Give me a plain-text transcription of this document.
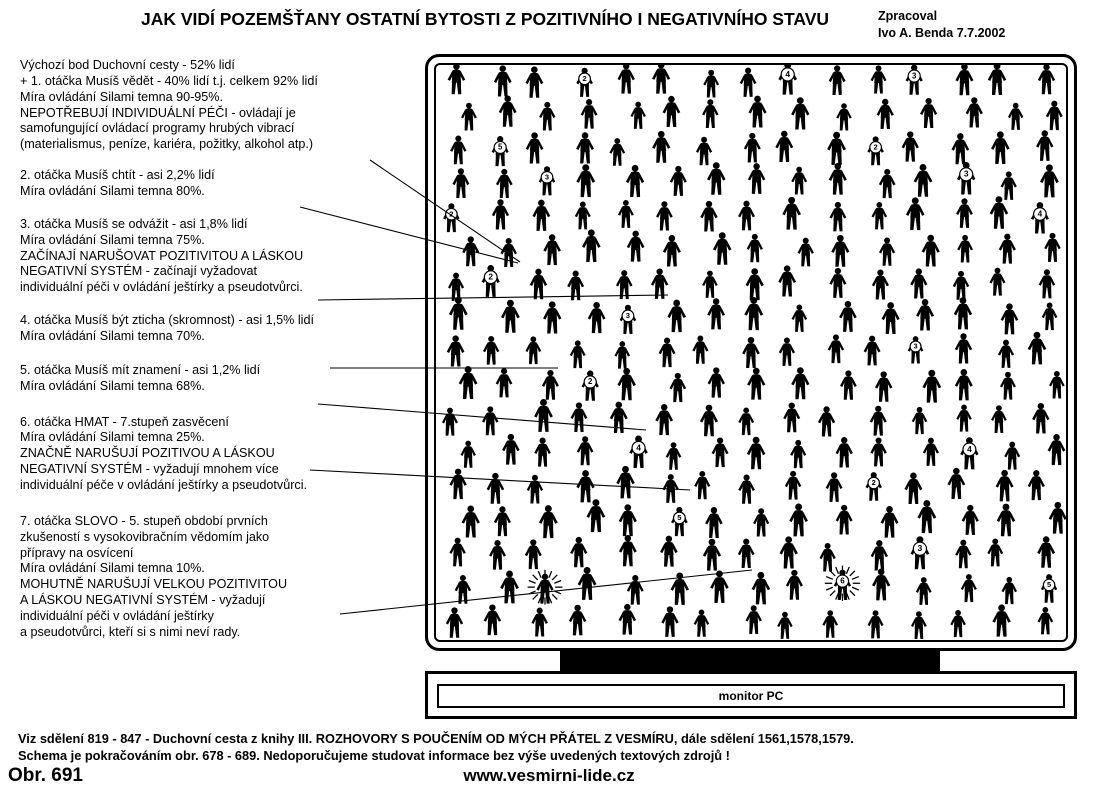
JAK VIDÍ POZEMŠŤANY OSTATNÍ BYTOSTI Z POZITIVNÍHO I NEGATIVNÍHO STAVU	Zpracoval
Ivo A. Benda 7.7.2002
Výchozí bod Duchovní cesty - 52% lidí
+ 1. otáčka Musíš vědět - 40% lidí t.j. celkem 92% lidí
Míra ovládání Silami temna 90-95%.
NEPOTŘEBUJÍ INDIVIDUÁLNÍ PÉČI - ovládají je
samofungující ovládací programy hrubých vibrací
(materialismus, peníze, kariéra, požitky, alkohol atp.)
2. otáčka Musíš chtít - asi 2,2% lidí
Míra ovládání Silami temna 80%.
3. otáčka Musíš se odvážit - asi 1,8% lidí
Míra ovládání Silami temna 75%.
ZAČÍNAJÍ NARUŠOVAT POZITIVITOU A LÁSKOU
NEGATIVNÍ SYSTÉM - začínají vyžadovat
individuální péči v ovládání ještírky a pseudotvůrci.
4. otáčka Musíš být zticha (skromnost) - asi 1,5% lidí
Míra ovládání Silami temna 70%.
5. otáčka Musíš mít znamení - asi 1,2% lidí
Míra ovládání Silami temna 68%.
6. otáčka HMAT - 7.stupeň zasvěcení
Míra ovládání Silami temna 25%.
ZNAČNĚ NARUŠUJÍ POZITIVOU A LÁSKOU
NEGATIVNÍ SYSTÉM - vyžadují mnohem více
individuální péče v ovládání ještírky a pseudotvůrci.
7. otáčka SLOVO - 5. stupeň období prvních
zkušeností s vysokovibračním vědomím jako
přípravy na osvícení
Míra ovládání Silami temna 10%.
MOHUTNĚ NARUŠUJÍ VELKOU POZITIVITOU
A LÁSKOU NEGATIVNÍ SYSTÉM - vyžadují
individuální péči v ovládání ještírky
a pseudotvůrci, kteří si s nimi neví rady.
2	4	3
5	2
3	3
2	4
2
3
3
2
4	4
2
5
3
6	5
monitor PC
Viz sdělení 819 - 847 - Duchovní cesta z knihy III. ROZHOVORY S POUČENÍM OD MÝCH PŘÁTEL Z VESMÍRU, dále sdělení 1561,1578,1579.
Schema je pokračováním obr. 678 - 689. Nedoporučujeme studovat informace bez výše uvedených textových zdrojů !
Obr. 691	www.vesmirni-lide.cz
